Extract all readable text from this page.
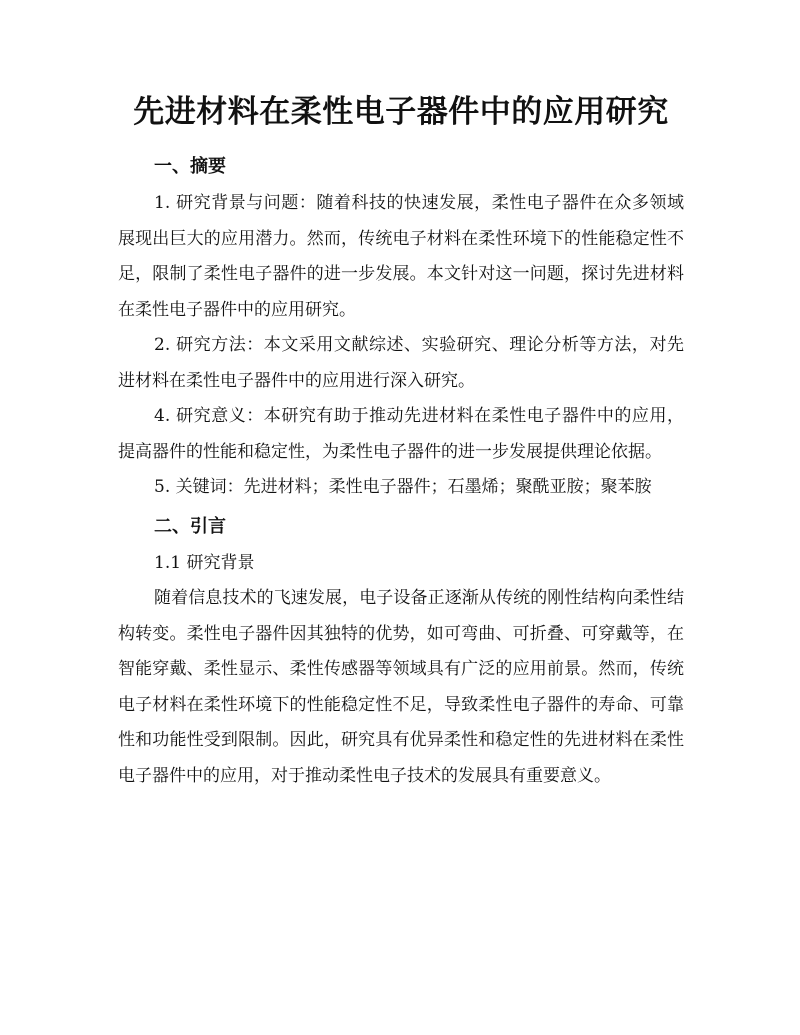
先进材料在柔性电子器件中的应用研究
一、摘要

1. 研究背景与问题：随着科技的快速发展，柔性电子器件在众多领域展现出巨大的应用潜力。然而，传统电子材料在柔性环境下的性能稳定性不足，限制了柔性电子器件的进一步发展。本文针对这一问题，探讨先进材料在柔性电子器件中的应用研究。

2. 研究方法：本文采用文献综述、实验研究、理论分析等方法，对先进材料在柔性电子器件中的应用进行深入研究。

4. 研究意义：本研究有助于推动先进材料在柔性电子器件中的应用，提高器件的性能和稳定性，为柔性电子器件的进一步发展提供理论依据。

5. 关键词：先进材料；柔性电子器件；石墨烯；聚酰亚胺；聚苯胺

二、引言
1.1 研究背景

随着信息技术的飞速发展，电子设备正逐渐从传统的刚性结构向柔性结构转变。柔性电子器件因其独特的优势，如可弯曲、可折叠、可穿戴等，在智能穿戴、柔性显示、柔性传感器等领域具有广泛的应用前景。然而，传统电子材料在柔性环境下的性能稳定性不足，导致柔性电子器件的寿命、可靠性和功能性受到限制。因此，研究具有优异柔性和稳定性的先进材料在柔性电子器件中的应用，对于推动柔性电子技术的发展具有重要意义。
